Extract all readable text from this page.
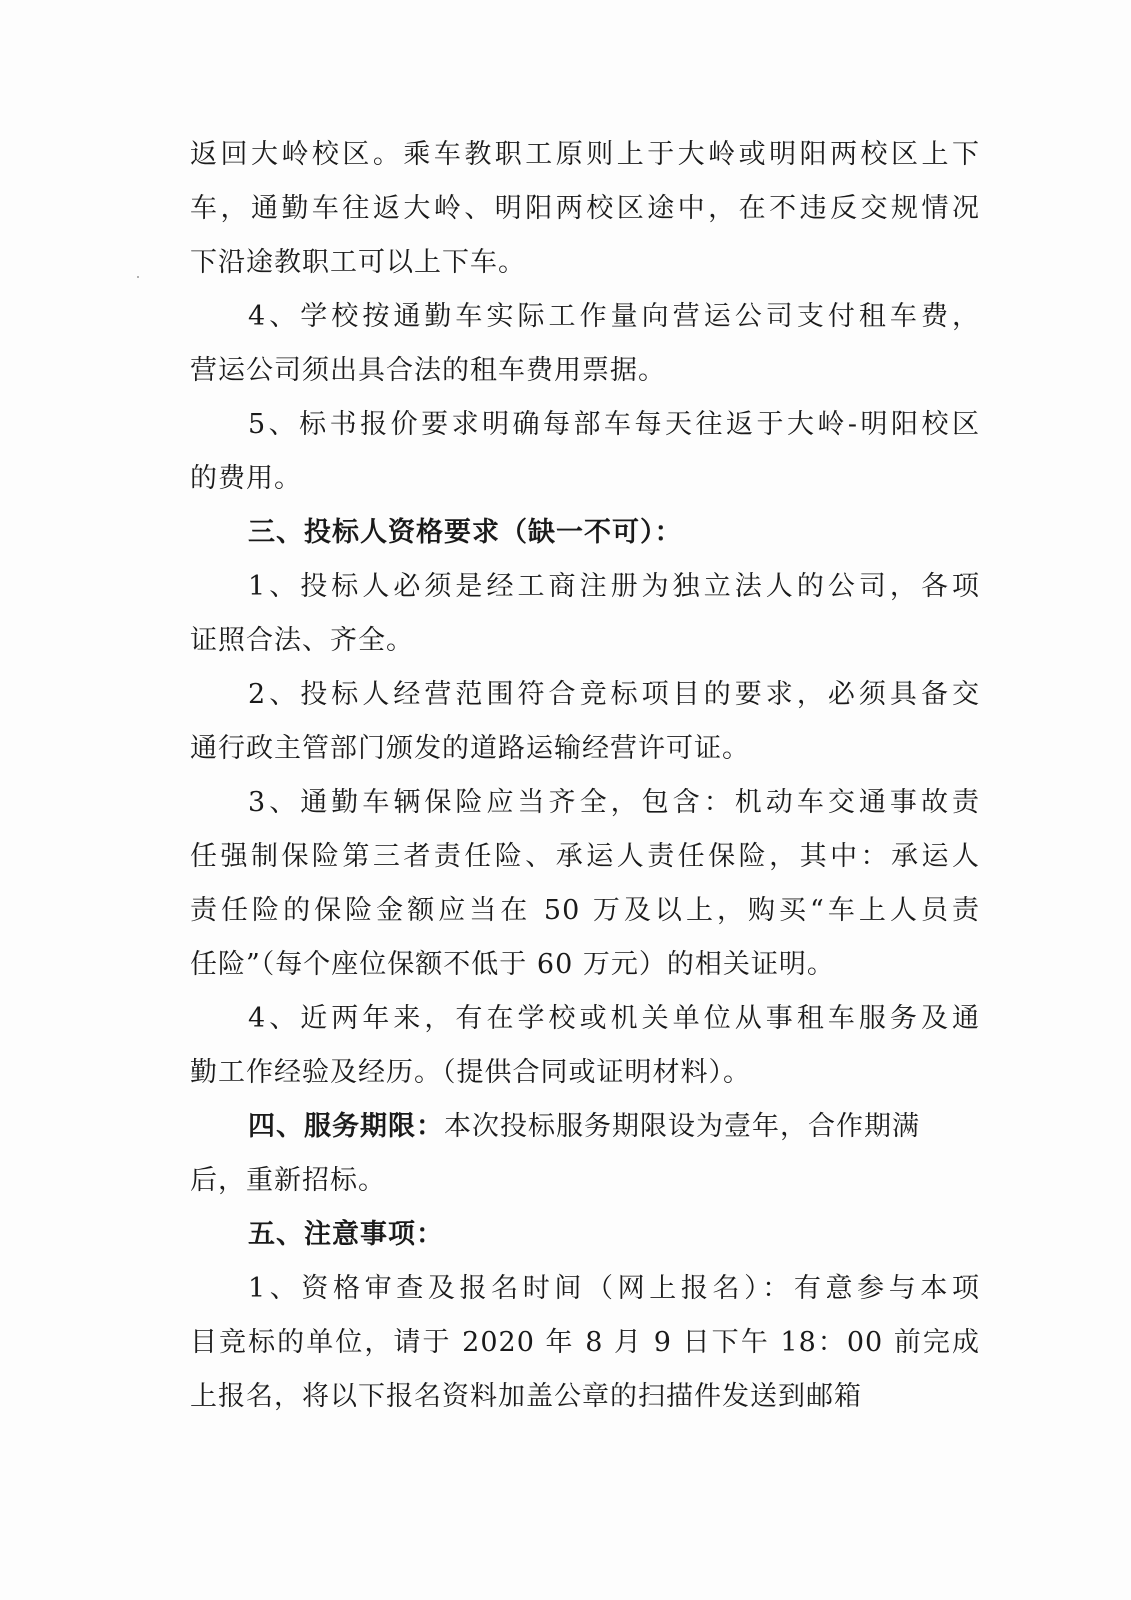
返回大岭校区。乘车教职工原则上于大岭或明阳两校区上下
车，通勤车往返大岭、明阳两校区途中，在不违反交规情况
下沿途教职工可以上下车。
4、学校按通勤车实际工作量向营运公司支付租车费，
营运公司须出具合法的租车费用票据。
5、标书报价要求明确每部车每天往返于大岭-明阳校区
的费用。
三、投标人资格要求（缺一不可）：
1、投标人必须是经工商注册为独立法人的公司，各项
证照合法、齐全。
2、投标人经营范围符合竞标项目的要求，必须具备交
通行政主管部门颁发的道路运输经营许可证。
3、通勤车辆保险应当齐全，包含：机动车交通事故责
任强制保险第三者责任险、承运人责任保险，其中：承运人
责任险的保险金额应当在 50 万及以上，购买“车上人员责
任险”（每个座位保额不低于 60 万元）的相关证明。
4、近两年来，有在学校或机关单位从事租车服务及通
勤工作经验及经历。（提供合同或证明材料）。
四、服务期限：本次投标服务期限设为壹年，合作期满
后，重新招标。
五、注意事项：
1、资格审查及报名时间（网上报名）：有意参与本项
目竞标的单位，请于 2020 年 8 月 9 日下午 18：00 前完成
上报名，将以下报名资料加盖公章的扫描件发送到邮箱
